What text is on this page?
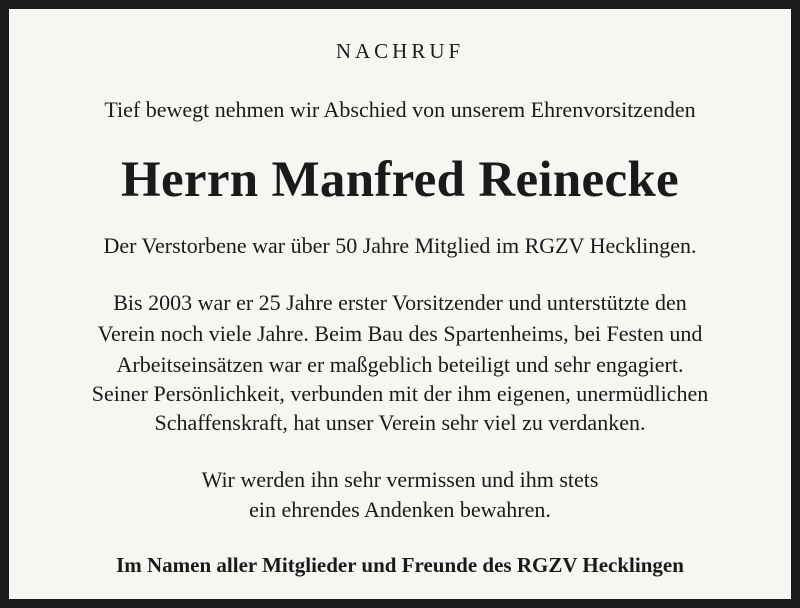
NACHRUF
Tief bewegt nehmen wir Abschied von unserem Ehrenvorsitzenden
Herrn Manfred Reinecke
Der Verstorbene war über 50 Jahre Mitglied im RGZV Hecklingen.
Bis 2003 war er 25 Jahre erster Vorsitzender und unterstützte den
Verein noch viele Jahre. Beim Bau des Spartenheims, bei Festen und
Arbeitseinsätzen war er maßgeblich beteiligt und sehr engagiert.
Seiner Persönlichkeit, verbunden mit der ihm eigenen, unermüdlichen
Schaffenskraft, hat unser Verein sehr viel zu verdanken.
Wir werden ihn sehr vermissen und ihm stets
ein ehrendes Andenken bewahren.
Im Namen aller Mitglieder und Freunde des RGZV Hecklingen
